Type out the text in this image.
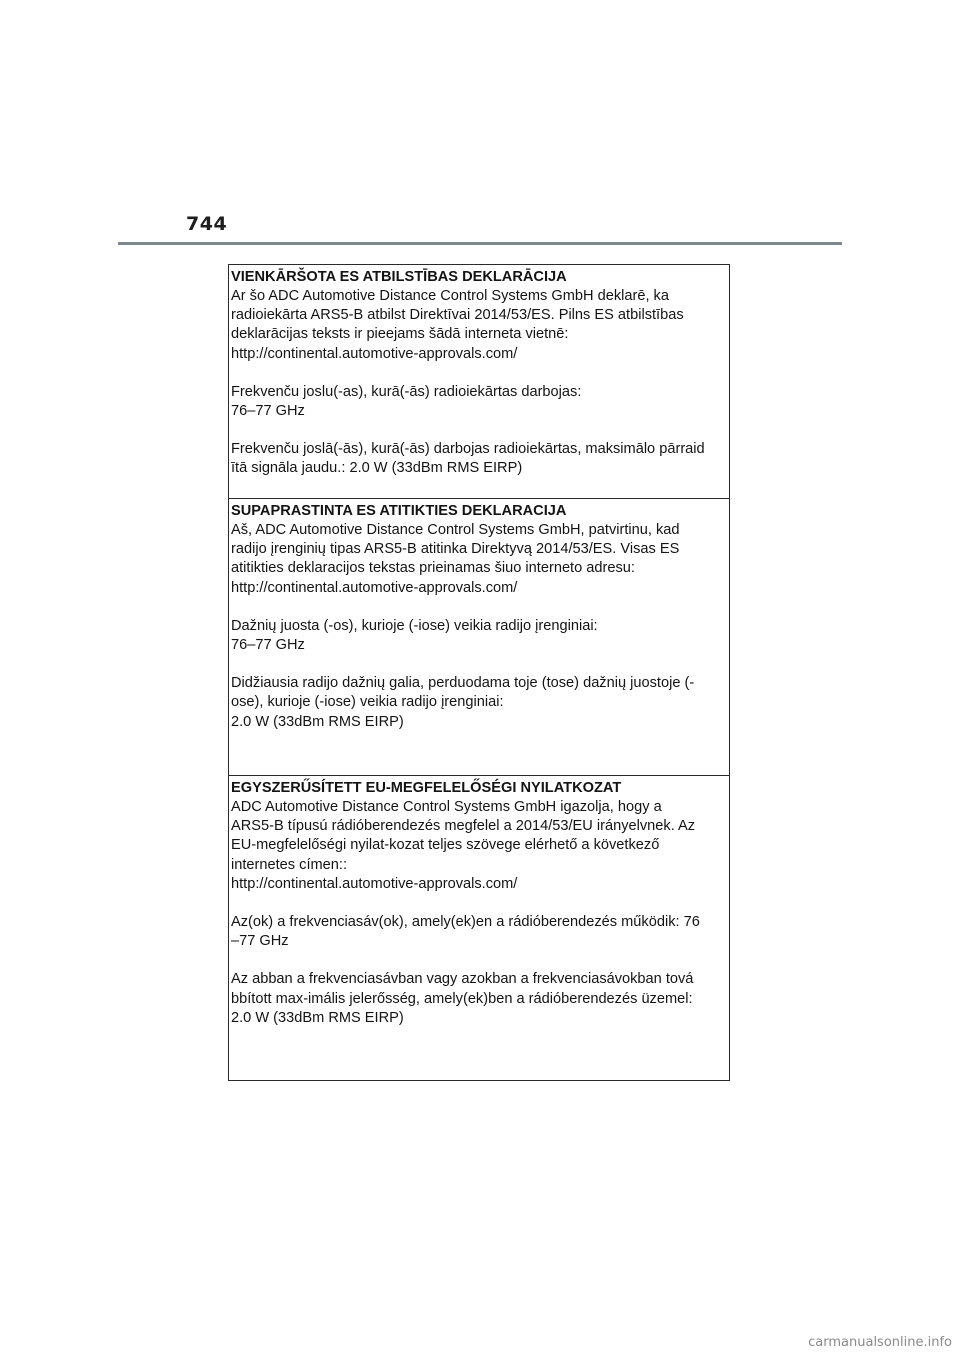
744
VIENKĀRŠOTA ES ATBILSTĪBAS DEKLARĀCIJA
Ar šo ADC Automotive Distance Control Systems GmbH deklarē, ka
radioiekārta ARS5-B atbilst Direktīvai 2014/53/ES. Pilns ES atbilstības
deklarācijas teksts ir pieejams šādā interneta vietnē:
http://continental.automotive-approvals.com/
Frekvenču joslu(-as), kurā(-ās) radioiekārtas darbojas:
76–77 GHz
Frekvenču joslā(-ās), kurā(-ās) darbojas radioiekārtas, maksimālo pārraid
ītā signāla jaudu.: 2.0 W (33dBm RMS EIRP)
SUPAPRASTINTA ES ATITIKTIES DEKLARACIJA
Aš, ADC Automotive Distance Control Systems GmbH, patvirtinu, kad
radijo įrenginių tipas ARS5-B atitinka Direktyvą 2014/53/ES. Visas ES
atitikties deklaracijos tekstas prieinamas šiuo interneto adresu:
http://continental.automotive-approvals.com/
Dažnių juosta (-os), kurioje (-iose) veikia radijo įrenginiai:
76–77 GHz
Didžiausia radijo dažnių galia, perduodama toje (tose) dažnių juostoje (-
ose), kurioje (-iose) veikia radijo įrenginiai:
2.0 W (33dBm RMS EIRP)
EGYSZERŰSÍTETT EU-MEGFELELŐSÉGI NYILATKOZAT
ADC Automotive Distance Control Systems GmbH igazolja, hogy a
ARS5-B típusú rádióberendezés megfelel a 2014/53/EU irányelvnek. Az
EU-megfelelőségi nyilat-kozat teljes szövege elérhető a következő
internetes címen::
http://continental.automotive-approvals.com/
Az(ok) a frekvenciasáv(ok), amely(ek)en a rádióberendezés működik: 76
–77 GHz
Az abban a frekvenciasávban vagy azokban a frekvenciasávokban tová
bbított max-imális jelerősség, amely(ek)ben a rádióberendezés üzemel:
2.0 W (33dBm RMS EIRP)
carmanualsonline.info
